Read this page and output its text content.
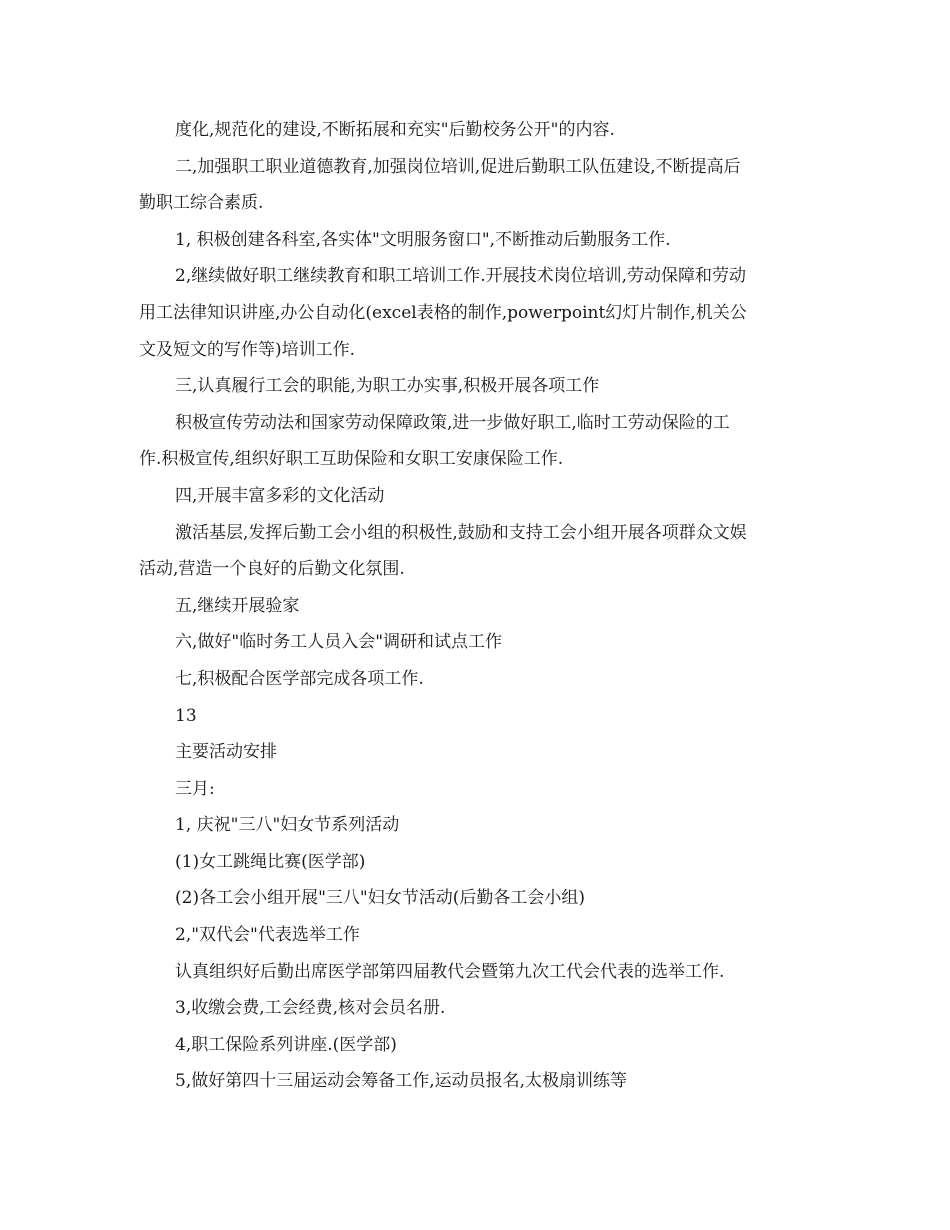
度化,规范化的建设,不断拓展和充实"后勤校务公开"的内容.
二,加强职工职业道德教育,加强岗位培训,促进后勤职工队伍建设,不断提高后
勤职工综合素质.
1, 积极创建各科室,各实体"文明服务窗口",不断推动后勤服务工作.
2,继续做好职工继续教育和职工培训工作.开展技术岗位培训,劳动保障和劳动
用工法律知识讲座,办公自动化(excel表格的制作,powerpoint幻灯片制作,机关公
文及短文的写作等)培训工作.
三,认真履行工会的职能,为职工办实事,积极开展各项工作
积极宣传劳动法和国家劳动保障政策,进一步做好职工,临时工劳动保险的工
作.积极宣传,组织好职工互助保险和女职工安康保险工作.
四,开展丰富多彩的文化活动
激活基层,发挥后勤工会小组的积极性,鼓励和支持工会小组开展各项群众文娱
活动,营造一个良好的后勤文化氛围.
五,继续开展验家
六,做好"临时务工人员入会"调研和试点工作
七,积极配合医学部完成各项工作.
13
主要活动安排
三月:
1, 庆祝"三八"妇女节系列活动
(1)女工跳绳比赛(医学部)
(2)各工会小组开展"三八"妇女节活动(后勤各工会小组)
2,"双代会"代表选举工作
认真组织好后勤出席医学部第四届教代会暨第九次工代会代表的选举工作.
3,收缴会费,工会经费,核对会员名册.
4,职工保险系列讲座.(医学部)
5,做好第四十三届运动会筹备工作,运动员报名,太极扇训练等
